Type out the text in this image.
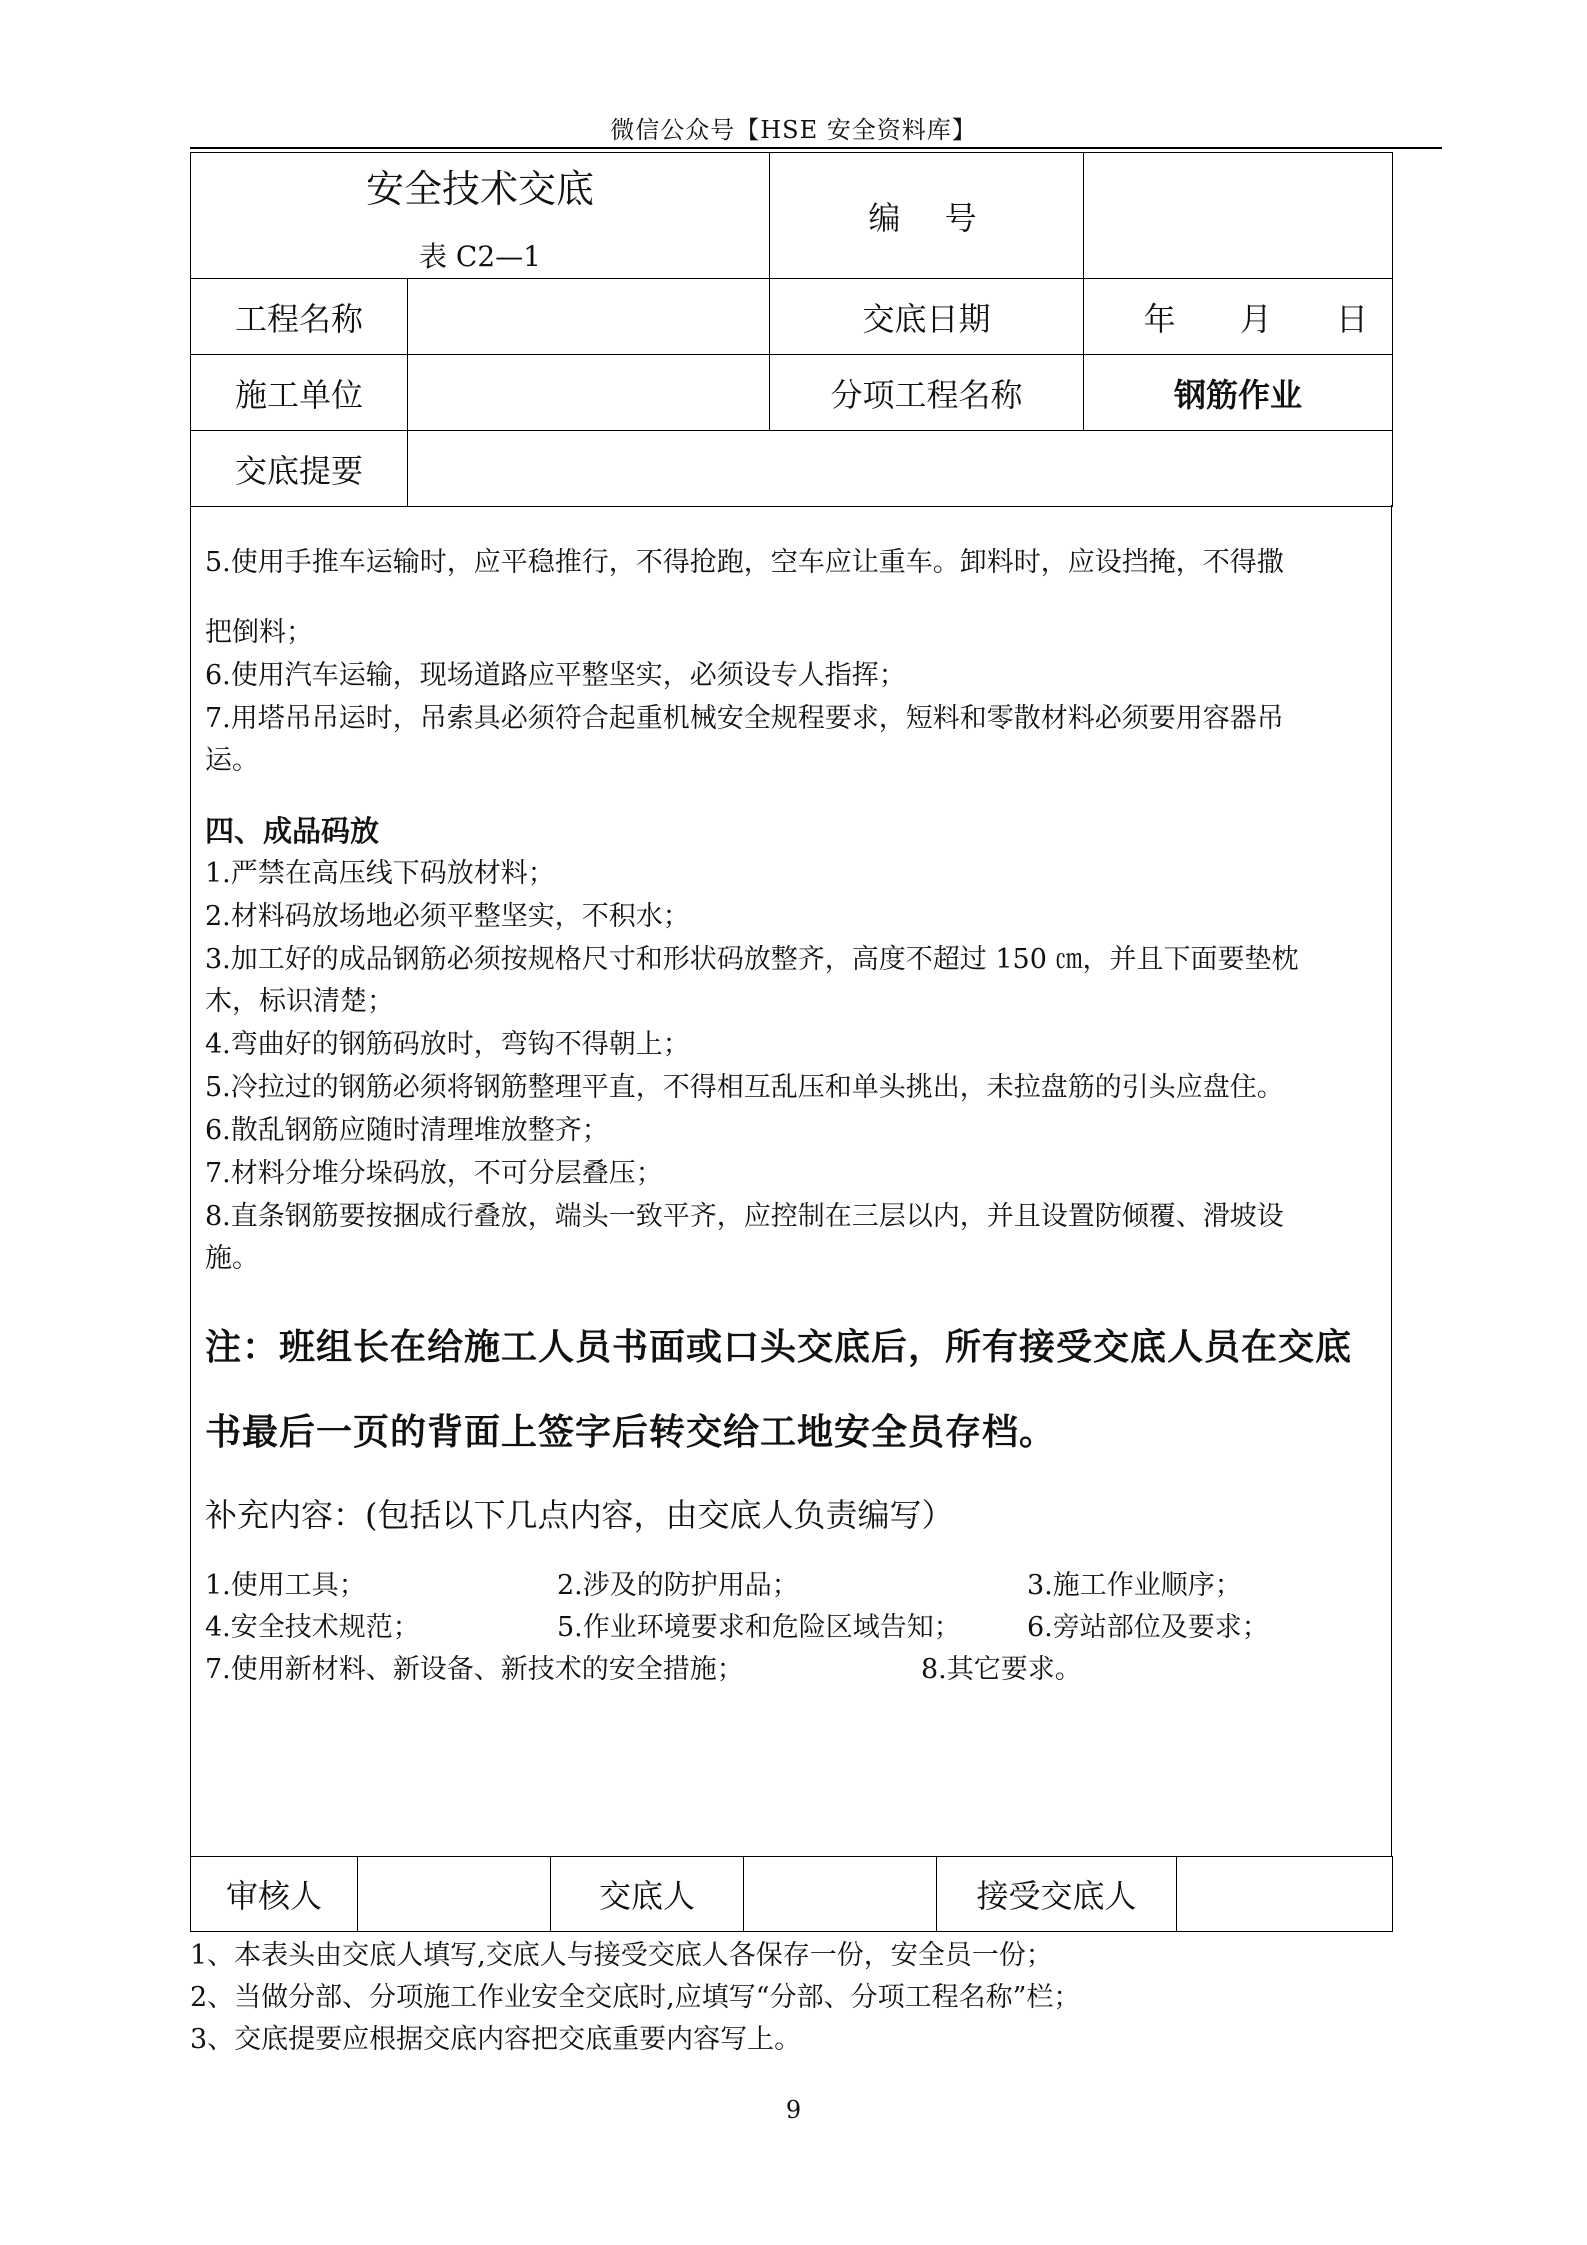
微信公众号【HSE 安全资料库】
安全技术交底
表 C2—1		编  号	
工程名称		交底日期	年 月 日
施工单位		分项工程名称	钢筋作业
交底提要			
5.使用手推车运输时，应平稳推行，不得抢跑，空车应让重车。卸料时，应设挡掩，不得撒
把倒料；
6.使用汽车运输，现场道路应平整坚实，必须设专人指挥；
7.用塔吊吊运时，吊索具必须符合起重机械安全规程要求，短料和零散材料必须要用容器吊
运。
四、成品码放
1.严禁在高压线下码放材料；
2.材料码放场地必须平整坚实，不积水；
3.加工好的成品钢筋必须按规格尺寸和形状码放整齐，高度不超过 150 ㎝，并且下面要垫枕
木，标识清楚；
4.弯曲好的钢筋码放时，弯钩不得朝上；
5.冷拉过的钢筋必须将钢筋整理平直，不得相互乱压和单头挑出，未拉盘筋的引头应盘住。
6.散乱钢筋应随时清理堆放整齐；
7.材料分堆分垛码放，不可分层叠压；
8.直条钢筋要按捆成行叠放，端头一致平齐，应控制在三层以内，并且设置防倾覆、滑坡设
施。
注：班组长在给施工人员书面或口头交底后，所有接受交底人员在交底
书最后一页的背面上签字后转交给工地安全员存档。
补充内容：(包括以下几点内容，由交底人负责编写）
1.使用工具；	2.涉及的防护用品；	3.施工作业顺序；
4.安全技术规范；	5.作业环境要求和危险区域告知； 6.旁站部位及要求；
7.使用新材料、新设备、新技术的安全措施；	8.其它要求。
审核人		交底人		接受交底人	
1、本表头由交底人填写,交底人与接受交底人各保存一份，安全员一份；
2、当做分部、分项施工作业安全交底时,应填写“分部、分项工程名称”栏；
3、交底提要应根据交底内容把交底重要内容写上。
9
